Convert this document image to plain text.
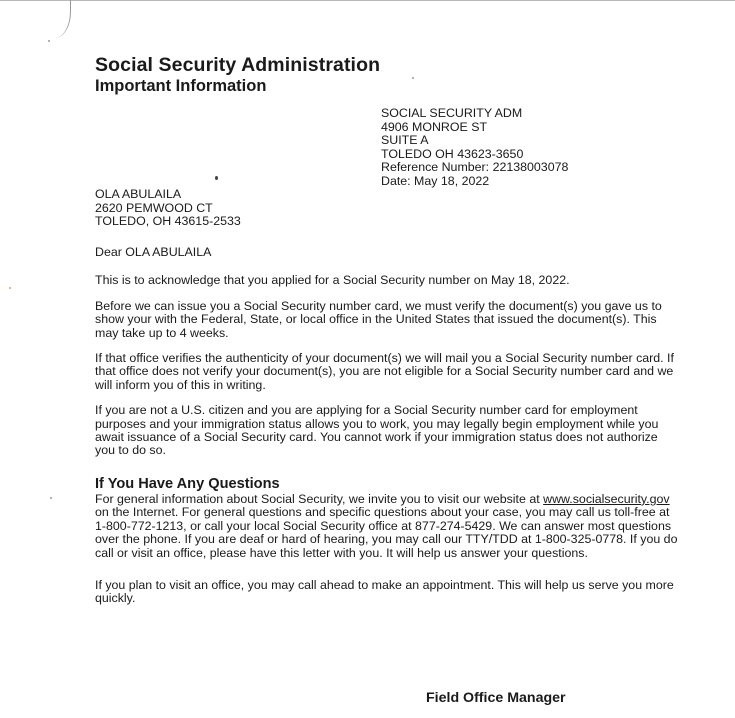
Social Security Administration
Important Information
SOCIAL SECURITY ADM
4906 MONROE ST
SUITE A
TOLEDO OH 43623-3650
Reference Number: 22138003078
Date: May 18, 2022
OLA ABULAILA
2620 PEMWOOD CT
TOLEDO, OH 43615-2533

Dear OLA ABULAILA

This is to acknowledge that you applied for a Social Security number on May 18, 2022.

Before we can issue you a Social Security number card, we must verify the document(s) you gave us to show your with the Federal, State, or local office in the United States that issued the document(s). This may take up to 4 weeks.

If that office verifies the authenticity of your document(s) we will mail you a Social Security number card. If that office does not verify your document(s), you are not eligible for a Social Security number card and we will inform you of this in writing.

If you are not a U.S. citizen and you are applying for a Social Security number card for employment purposes and your immigration status allows you to work, you may legally begin employment while you await issuance of a Social Security card. You cannot work if your immigration status does not authorize you to do so.

If You Have Any Questions

For general information about Social Security, we invite you to visit our website at www.socialsecurity.gov on the Internet. For general questions and specific questions about your case, you may call us toll-free at 1-800-772-1213, or call your local Social Security office at 877-274-5429. We can answer most questions over the phone. If you are deaf or hard of hearing, you may call our TTY/TDD at 1-800-325-0778. If you do call or visit an office, please have this letter with you. It will help us answer your questions.

If you plan to visit an office, you may call ahead to make an appointment. This will help us serve you more quickly.

Field Office Manager
